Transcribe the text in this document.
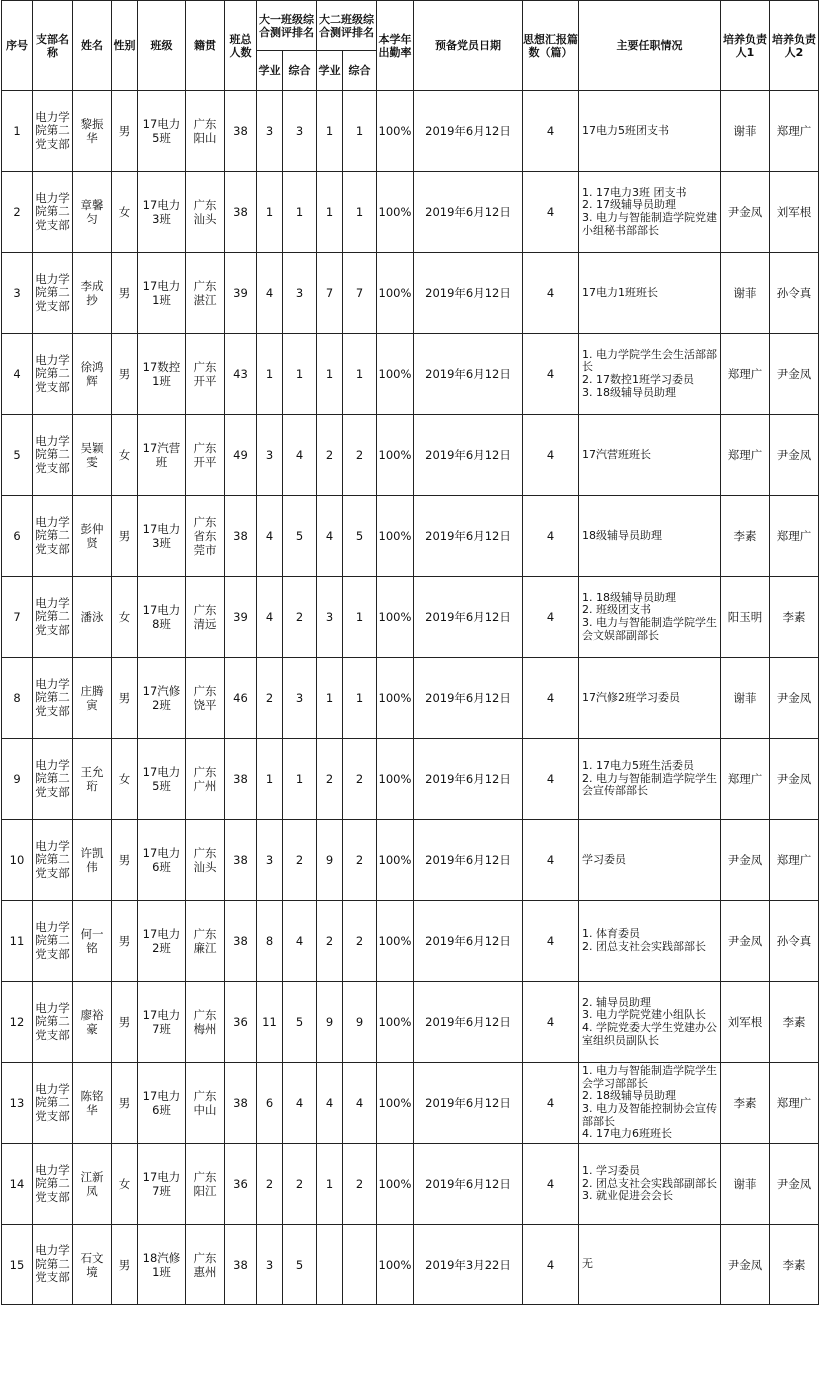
序号	支部名称	姓名	性别	班级	籍贯	班总人数	大一班级综合测评排名		大二班级综合测评排名		本学年出勤率	预备党员日期	思想汇报篇数（篇）	主要任职情况	培养负责人1	培养负责人2
							学业	综合	学业	综合						
1	电力学院第二党支部	黎振华	男	17电力5班	广东阳山	38	3	3	1	1	100%	2019年6月12日	4	17电力5班团支书	谢菲	郑理广
2	电力学院第二党支部	章馨匀	女	17电力3班	广东汕头	38	1	1	1	1	100%	2019年6月12日	4	1. 17电力3班 团支书
2. 17级辅导员助理
3. 电力与智能制造学院党建小组秘书部部长	尹金凤	刘军根
3	电力学院第二党支部	李成抄	男	17电力1班	广东湛江	39	4	3	7	7	100%	2019年6月12日	4	17电力1班班长	谢菲	孙令真
4	电力学院第二党支部	徐鸿辉	男	17数控1班	广东开平	43	1	1	1	1	100%	2019年6月12日	4	1. 电力学院学生会生活部部长
2. 17数控1班学习委员
3. 18级辅导员助理	郑理广	尹金凤
5	电力学院第二党支部	吴颖雯	女	17汽营班	广东开平	49	3	4	2	2	100%	2019年6月12日	4	17汽营班班长	郑理广	尹金凤
6	电力学院第二党支部	彭仲贤	男	17电力3班	广东省东莞市	38	4	5	4	5	100%	2019年6月12日	4	18级辅导员助理	李素	郑理广
7	电力学院第二党支部	潘泳	女	17电力8班	广东清远	39	4	2	3	1	100%	2019年6月12日	4	1. 18级辅导员助理
2. 班级团支书
3. 电力与智能制造学院学生会文娱部副部长	阳玉明	李素
8	电力学院第二党支部	庄腾寅	男	17汽修2班	广东饶平	46	2	3	1	1	100%	2019年6月12日	4	17汽修2班学习委员	谢菲	尹金凤
9	电力学院第二党支部	王允珩	女	17电力5班	广东广州	38	1	1	2	2	100%	2019年6月12日	4	1. 17电力5班生活委员
2. 电力与智能制造学院学生会宣传部部长	郑理广	尹金凤
10	电力学院第二党支部	许凯伟	男	17电力6班	广东汕头	38	3	2	9	2	100%	2019年6月12日	4	学习委员	尹金凤	郑理广
11	电力学院第二党支部	何一铭	男	17电力2班	广东廉江	38	8	4	2	2	100%	2019年6月12日	4	1. 体育委员
2. 团总支社会实践部部长	尹金凤	孙令真
12	电力学院第二党支部	廖裕豪	男	17电力7班	广东梅州	36	11	5	9	9	100%	2019年6月12日	4	2. 辅导员助理
3. 电力学院党建小组队长
4. 学院党委大学生党建办公室组织员副队长	刘军根	李素
13	电力学院第二党支部	陈铭华	男	17电力6班	广东中山	38	6	4	4	4	100%	2019年6月12日	4	1. 电力与智能制造学院学生会学习部部长
2. 18级辅导员助理
3. 电力及智能控制协会宣传部部长
4. 17电力6班班长	李素	郑理广
14	电力学院第二党支部	江新凤	女	17电力7班	广东阳江	36	2	2	1	2	100%	2019年6月12日	4	1. 学习委员
2. 团总支社会实践部副部长
3. 就业促进会会长	谢菲	尹金凤
15	电力学院第二党支部	石文境	男	18汽修1班	广东惠州	38	3	5			100%	2019年3月22日	4	无	尹金凤	李素
